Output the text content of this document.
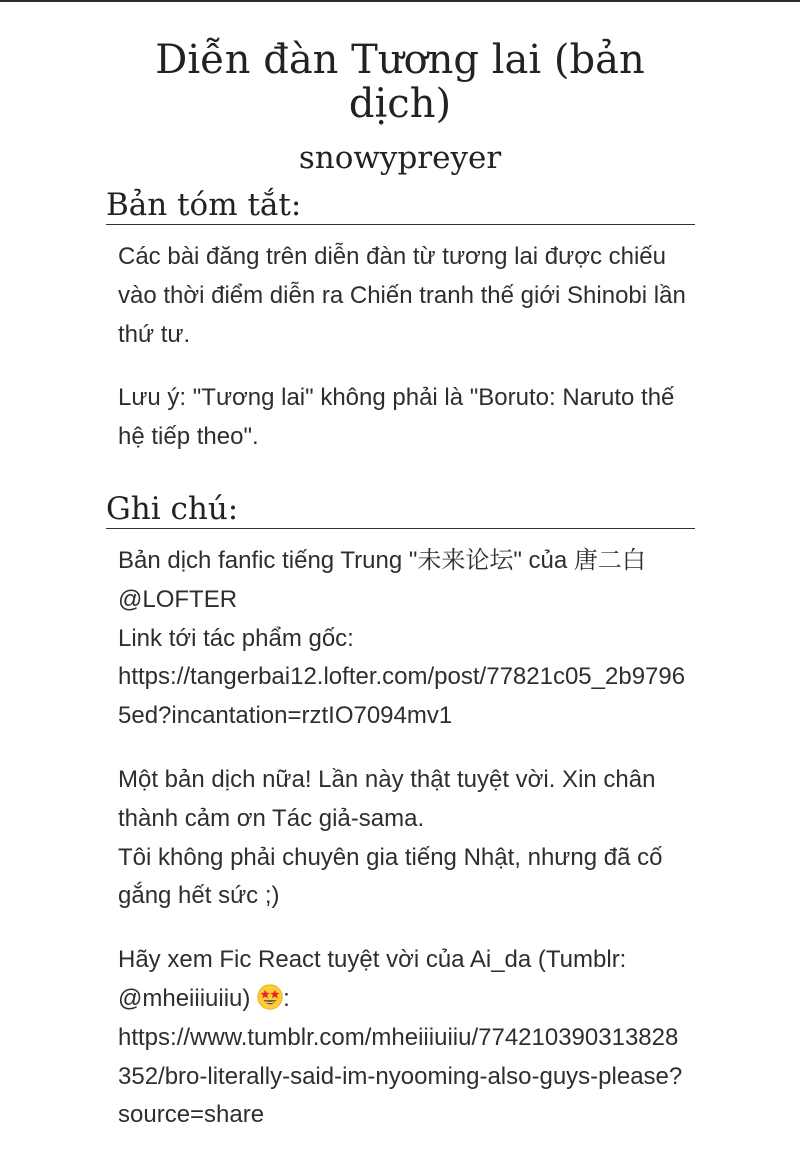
Diễn đàn Tương lai (bản dịch)
snowypreyer
Bản tóm tắt:

Các bài đăng trên diễn đàn từ tương lai được chiếu vào thời điểm diễn ra Chiến tranh thế giới Shinobi lần thứ tư.

Lưu ý: "Tương lai" không phải là "Boruto: Naruto thế hệ tiếp theo".

Ghi chú:

Bản dịch fanfic tiếng Trung "未来论坛" của 唐二白 @LOFTER
Link tới tác phẩm gốc:
https://tangerbai12.lofter.com/post/77821c05_2b97965ed?incantation=rztIO7094mv1

Một bản dịch nữa! Lần này thật tuyệt vời. Xin chân thành cảm ơn Tác giả-sama.
Tôi không phải chuyên gia tiếng Nhật, nhưng đã cố gắng hết sức ;)

Hãy xem Fic React tuyệt vời của Ai_da (Tumblr: @mheiiiuiiu) :
https://www.tumblr.com/mheiiiuiiu/774210390313828352/bro-literally-said-im-nyooming-also-guys-please?source=share
